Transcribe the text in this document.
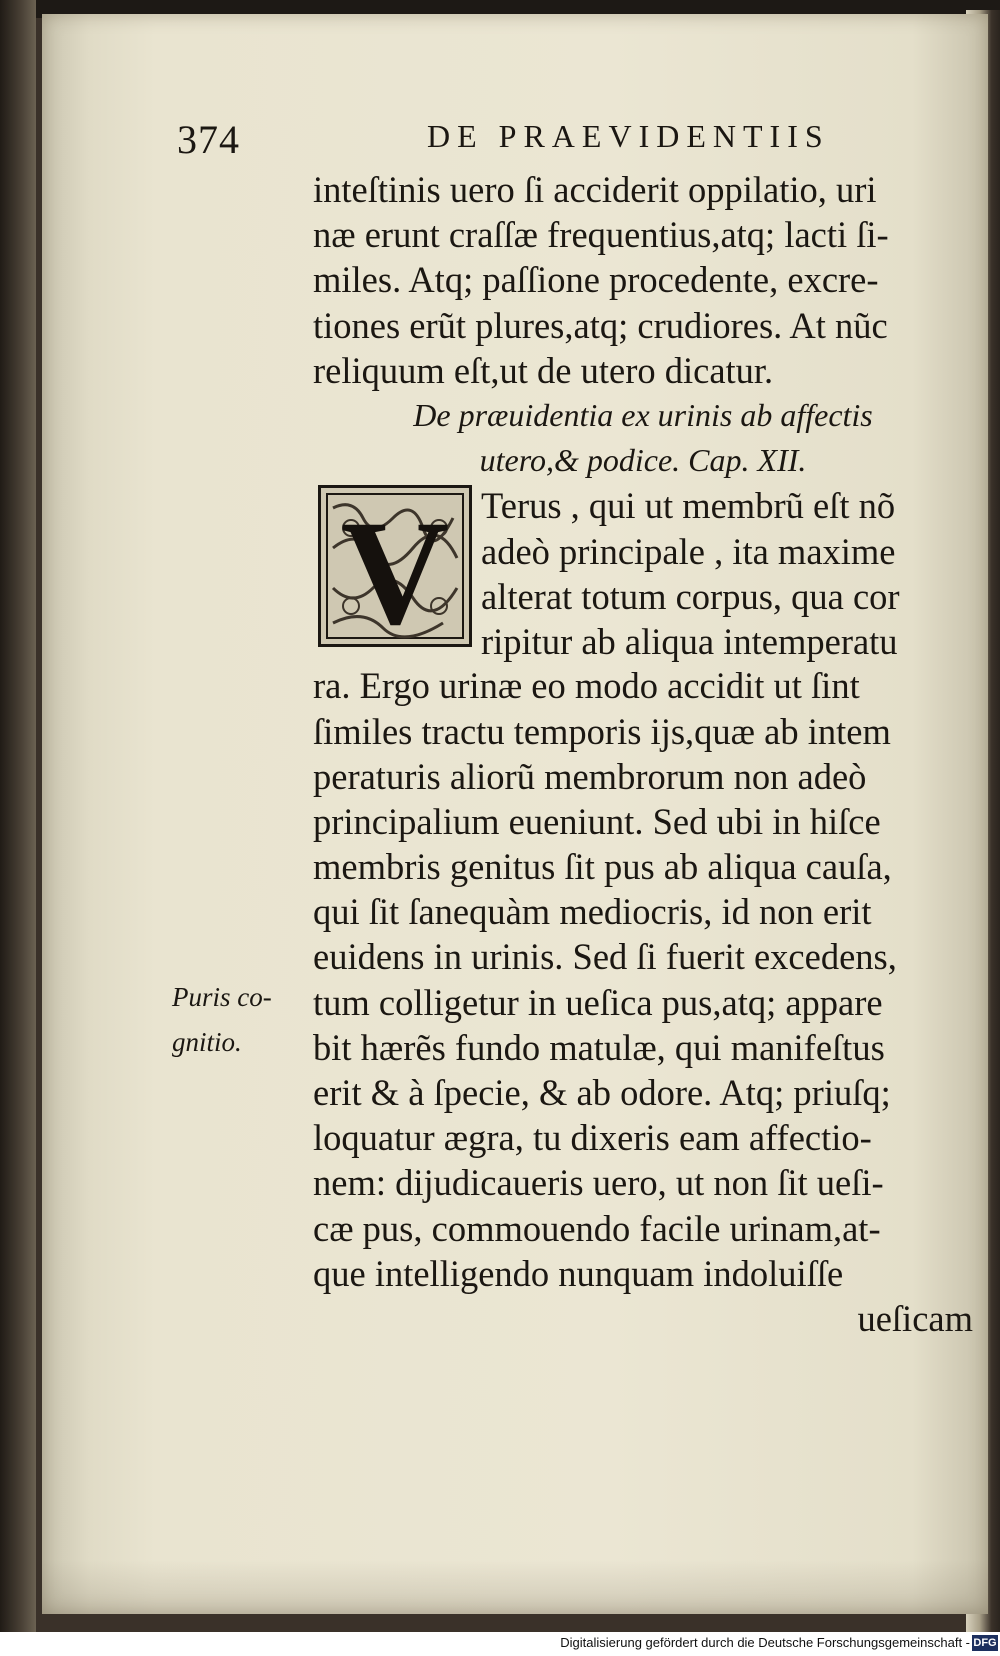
374	DE PRAEVIDENTIIS
inteſtinis uero ſi acciderit oppilatio, uri
næ erunt craſſæ frequentius,atq; lacti ſi-
miles. Atq; paſſione procedente, excre-
tiones erũt plures,atq; crudiores. At nũc
reliquum eſt,ut de utero dicatur.
De præuidentia ex urinis ab affectis
utero,& podice. Cap. XII.
V Terus , qui ut membrũ eſt nõ
adeò principale , ita maxime
alterat totum corpus, qua cor
ripitur ab aliqua intemperatu
ra. Ergo urinæ eo modo accidit ut ſint
ſimiles tractu temporis ijs,quæ ab intem
peraturis aliorũ membrorum non adeò
principalium eueniunt. Sed ubi in hiſce
membris genitus ſit pus ab aliqua cauſa,
qui ſit ſanequàm mediocris, id non erit
euidens in urinis. Sed ſi fuerit excedens,
tum colligetur in ueſica pus,atq; appare
bit hærẽs fundo matulæ, qui manifeſtus
erit & à ſpecie, & ab odore. Atq; priuſq;
loquatur ægra, tu dixeris eam affectio-
nem: dijudicaueris uero, ut non ſit ueſi-
cæ pus, commouendo facile urinam,at-
que intelligendo nunquam indoluiſſe
ueſicam
Puris co-
gnitio.
Digitalisierung gefördert durch die Deutsche Forschungsgemeinschaft - DFG
